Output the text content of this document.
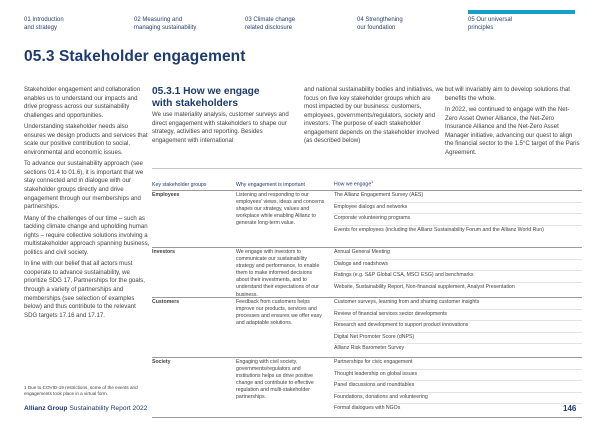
01 Introduction
and strategy
02 Measuring and
managing sustainability
03 Climate change
related disclosure
04 Strengthening
our foundation
05 Our universal
principles
05.3 Stakeholder engagement

Stakeholder engagement and collaboration enables us to understand our impacts and drive progress across our sustainability challenges and opportunities.

Understanding stakeholder needs also ensures we design products and services that scale our positive contribution to social, environmental and economic issues.

To advance our sustainability approach (see sections 01.4 to 01.6), it is important that we stay connected and in dialogue with our stakeholder groups directly and drive engagement through our memberships and partnerships.

Many of the challenges of our time – such as tackling climate change and upholding human rights – require collective solutions involving a multistakeholder approach spanning business, politics and civil society.

In line with our belief that all actors must cooperate to advance sustainability, we prioritize SDG 17, Partnerships for the goals, through a variety of partnerships and memberships (see selection of examples below) and thus contribute to the relevant SDG targets 17.16 and 17.17.

05.3.1 How we engage
with stakeholders
We use materiality analysis, customer surveys and direct engagement with stakeholders to shape our strategy, activities and reporting. Besides engagement with international
and national sustainability bodies and initiatives, we focus on five key stakeholder groups which are most impacted by our business: customers, employees, governments/regulators, society and investors. The purpose of each stakeholder engagement depends on the stakeholder involved (as described below)

but will invariably aim to develop solutions that benefits the whole.

In 2022, we continued to engage with the Net-Zero Asset Owner Alliance, the Net-Zero Insurance Alliance and the Net-Zero Asset Manager initiative, advancing our quest to align the financial sector to the 1.5°C target of the Paris Agreement.

Key stakeholder groups	Why engagement is important	How we engage$^1$
Employees	Listening and responding to our employees' views, ideas and concerns shapes our strategy, values and workplace while enabling Allianz to generate long-term value.
The Allianz Engagement Survey (AES)
Employee dialogs and networks
Corporate volunteering programs
Events for employees (including the Allianz Sustainability Forum and the Allianz World Run)
Investors	We engage with investors to communicate our sustainability strategy and performance, to enable them to make informed decisions about their investments, and to understand their expectations of our business.
Annual General Meeting
Dialogs and roadshows
Ratings (e.g. S&P Global CSA, MSCI ESG) and benchmarks
Website, Sustainability Report, Non-financial supplement, Analyst Presentation
Customers	Feedback from customers helps improve our products, services and processes and ensures we offer easy and adaptable solutions.
Customer surveys, learning from and sharing customer insights
Review of financial services sector developments
Research and development to support product innovations
Digital Net Promoter Score (dNPS)
Allianz Risk Barometer Survey
Society	Engaging with civil society, governments/regulators and institutions helps us drive positive change and contribute to effective regulation and multi-stakeholder partnerships.
Partnerships for civic engagement
Thought leadership on global issues
Panel discussions and roundtables
Foundations, donations and volunteering
Formal dialogues with NGOs
1 Due to COVID-19 restrictions, some of the events and engagements took place in a virtual form.
Allianz Group Sustainability Report 2022	146
